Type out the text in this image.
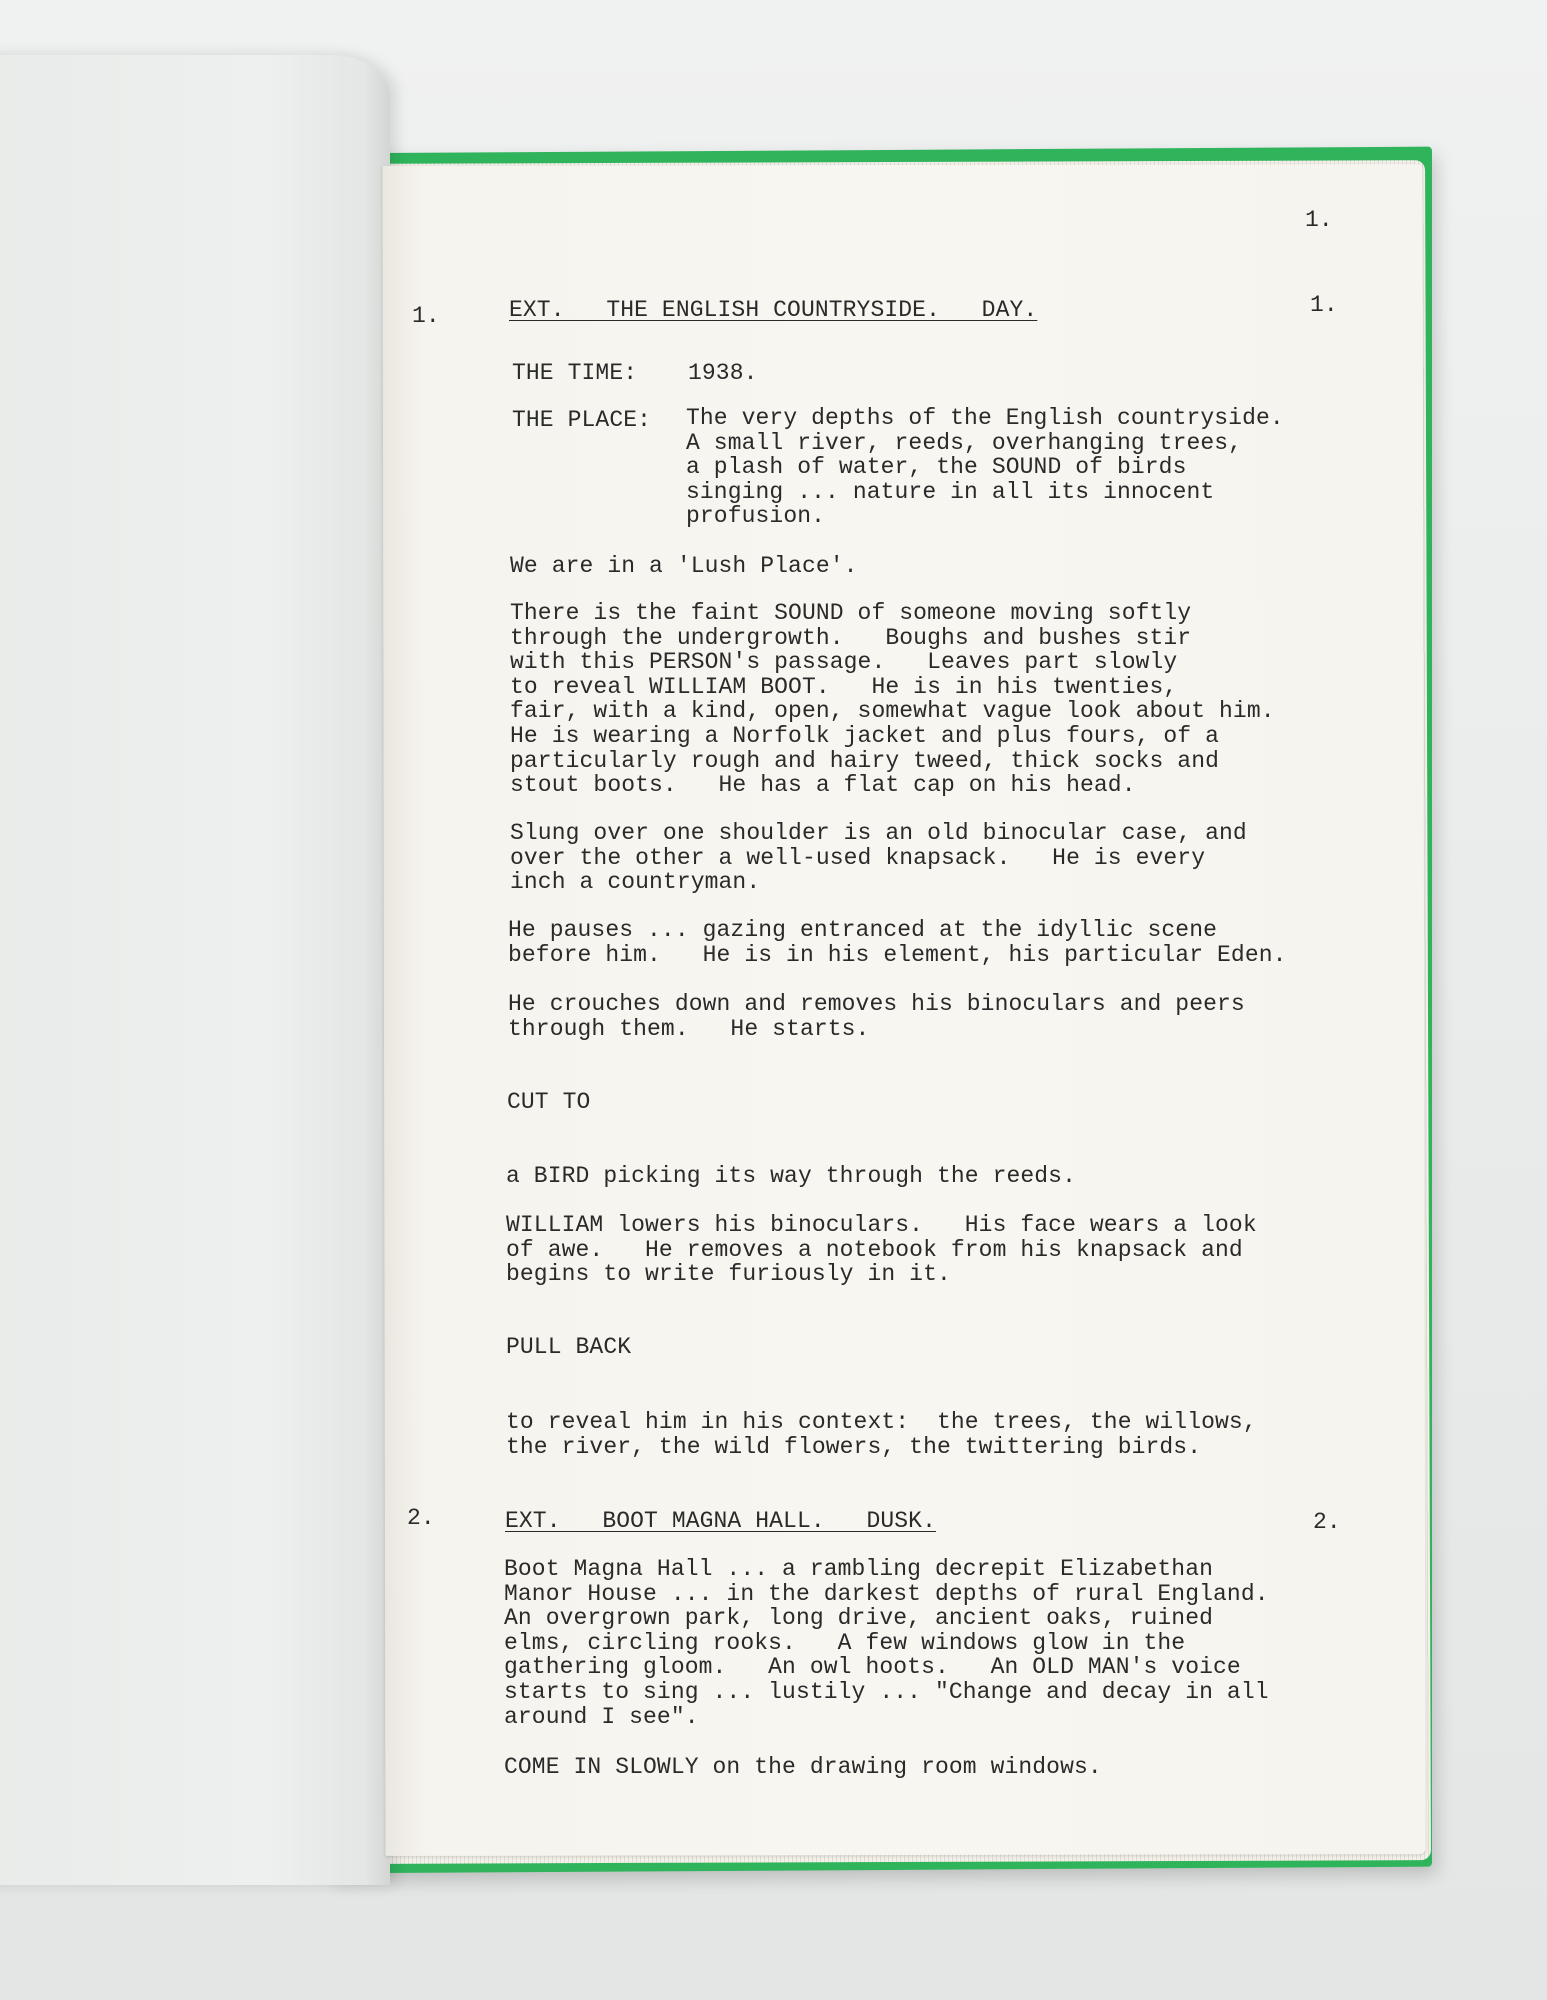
1.
1.	EXT.   THE ENGLISH COUNTRYSIDE.   DAY.	1.
THE TIME: 1938.
THE PLACE: The very depths of the English countryside.
A small river, reeds, overhanging trees,
a plash of water, the SOUND of birds
singing ... nature in all its innocent
profusion.
We are in a 'Lush Place'.
There is the faint SOUND of someone moving softly
through the undergrowth.   Boughs and bushes stir
with this PERSON's passage.   Leaves part slowly
to reveal WILLIAM BOOT.   He is in his twenties,
fair, with a kind, open, somewhat vague look about him.
He is wearing a Norfolk jacket and plus fours, of a
particularly rough and hairy tweed, thick socks and
stout boots.   He has a flat cap on his head.
Slung over one shoulder is an old binocular case, and
over the other a well-used knapsack.   He is every
inch a countryman.
He pauses ... gazing entranced at the idyllic scene
before him.   He is in his element, his particular Eden.
He crouches down and removes his binoculars and peers
through them.   He starts.
CUT TO
a BIRD picking its way through the reeds.
WILLIAM lowers his binoculars.   His face wears a look
of awe.   He removes a notebook from his knapsack and
begins to write furiously in it.
PULL BACK
to reveal him in his context:  the trees, the willows,
the river, the wild flowers, the twittering birds.
2.	EXT.   BOOT MAGNA HALL.   DUSK.	2.
Boot Magna Hall ... a rambling decrepit Elizabethan
Manor House ... in the darkest depths of rural England.
An overgrown park, long drive, ancient oaks, ruined
elms, circling rooks.   A few windows glow in the
gathering gloom.   An owl hoots.   An OLD MAN's voice
starts to sing ... lustily ... "Change and decay in all
around I see".
COME IN SLOWLY on the drawing room windows.
